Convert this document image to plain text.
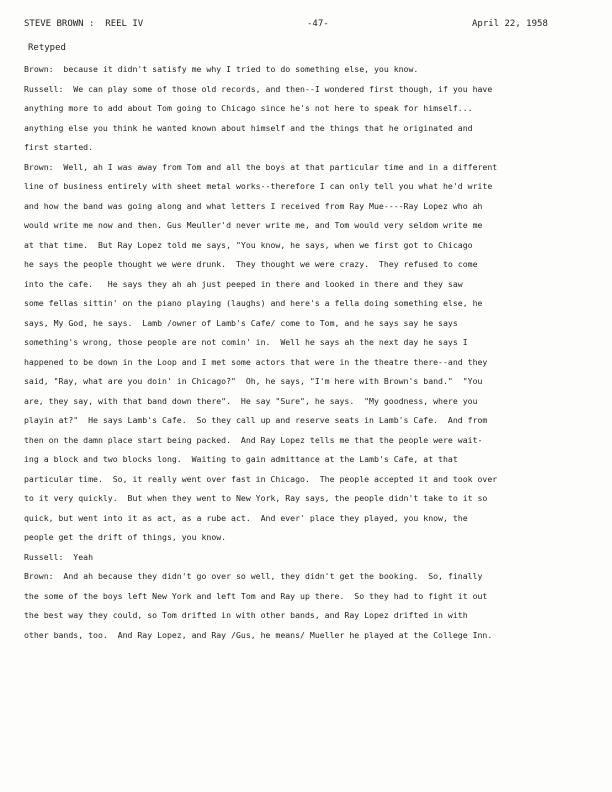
STEVE BROWN :  REEL IV	-47-	April 22, 1958
Retyped
Brown:  because it didn't satisfy me why I tried to do something else, you know.
Russell:  We can play some of those old records, and then--I wondered first though, if you have
anything more to add about Tom going to Chicago since he's not here to speak for himself...
anything else you think he wanted known about himself and the things that he originated and
first started.
Brown:  Well, ah I was away from Tom and all the boys at that particular time and in a different
line of business entirely with sheet metal works--therefore I can only tell you what he'd write
and how the band was going along and what letters I received from Ray Mue----Ray Lopez who ah
would write me now and then. Gus Meuller'd never write me, and Tom would very seldom write me
at that time.  But Ray Lopez told me says, "You know, he says, when we first got to Chicago
he says the people thought we were drunk.  They thought we were crazy.  They refused to come
into the cafe.   He says they ah ah just peeped in there and looked in there and they saw
some fellas sittin' on the piano playing (laughs) and here's a fella doing something else, he
says, My God, he says.  Lamb /owner of Lamb's Cafe/ come to Tom, and he says say he says
something's wrong, those people are not comin' in.  Well he says ah the next day he says I
happened to be down in the Loop and I met some actors that were in the theatre there--and they
said, "Ray, what are you doin' in Chicago?"  Oh, he says, "I'm here with Brown's band."  "You
are, they say, with that band down there".  He say "Sure", he says.  "My goodness, where you
playin at?"  He says Lamb's Cafe.  So they call up and reserve seats in Lamb's Cafe.  And from
then on the damn place start being packed.  And Ray Lopez tells me that the people were wait-
ing a block and two blocks long.  Waiting to gain admittance at the Lamb's Cafe, at that
particular time.  So, it really went over fast in Chicago.  The people accepted it and took over
to it very quickly.  But when they went to New York, Ray says, the people didn't take to it so
quick, but went into it as act, as a rube act.  And ever' place they played, you know, the
people get the drift of things, you know.
Russell:  Yeah
Brown:  And ah because they didn't go over so well, they didn't get the booking.  So, finally
the some of the boys left New York and left Tom and Ray up there.  So they had to fight it out
the best way they could, so Tom drifted in with other bands, and Ray Lopez drifted in with
other bands, too.  And Ray Lopez, and Ray /Gus, he means/ Mueller he played at the College Inn.
